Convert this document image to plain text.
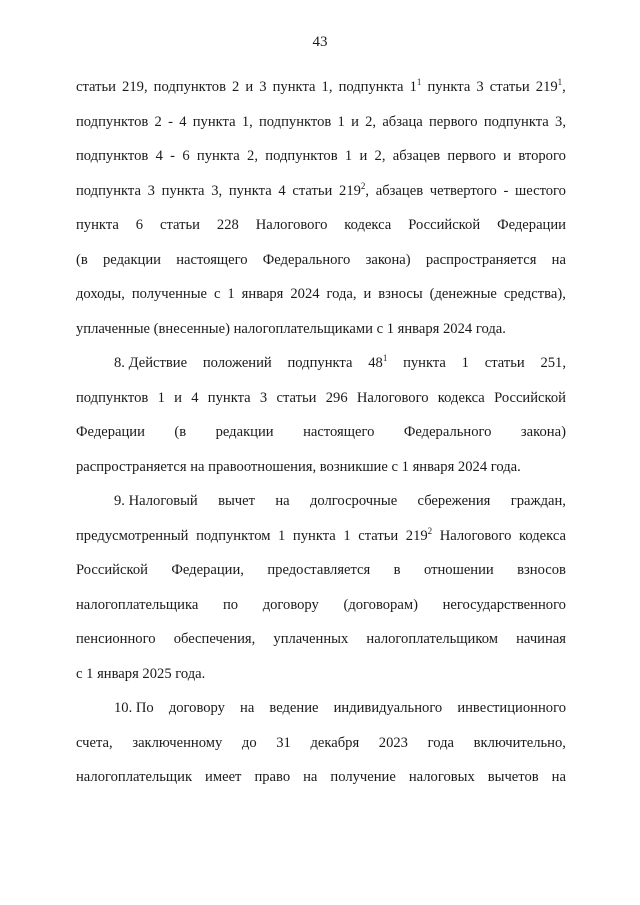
43
статьи 219, подпунктов 2 и 3 пункта 1, подпункта $1^1$ пункта 3 статьи $219^1$,
подпунктов 2 - 4 пункта 1, подпунктов 1 и 2, абзаца первого подпункта 3,
подпунктов 4 - 6 пункта 2, подпунктов 1 и 2, абзацев первого и второго
подпункта 3 пункта 3, пункта 4 статьи $219^2$, абзацев четвертого - шестого
пункта 6 статьи 228 Налогового кодекса Российской Федерации
(в редакции настоящего Федерального закона) распространяется на
доходы, полученные с 1 января 2024 года, и взносы (денежные средства),
уплаченные (внесенные) налогоплательщиками с 1 января 2024 года.
8. Действие положений подпункта $48^1$ пункта 1 статьи 251,
подпунктов 1 и 4 пункта 3 статьи 296 Налогового кодекса Российской
Федерации (в редакции настоящего Федерального закона)
распространяется на правоотношения, возникшие с 1 января 2024 года.
9. Налоговый вычет на долгосрочные сбережения граждан,
предусмотренный подпунктом 1 пункта 1 статьи $219^2$ Налогового кодекса
Российской Федерации, предоставляется в отношении взносов
налогоплательщика по договору (договорам) негосударственного
пенсионного обеспечения, уплаченных налогоплательщиком начиная
с 1 января 2025 года.
10. По договору на ведение индивидуального инвестиционного
счета, заключенному до 31 декабря 2023 года включительно,
налогоплательщик имеет право на получение налоговых вычетов на
